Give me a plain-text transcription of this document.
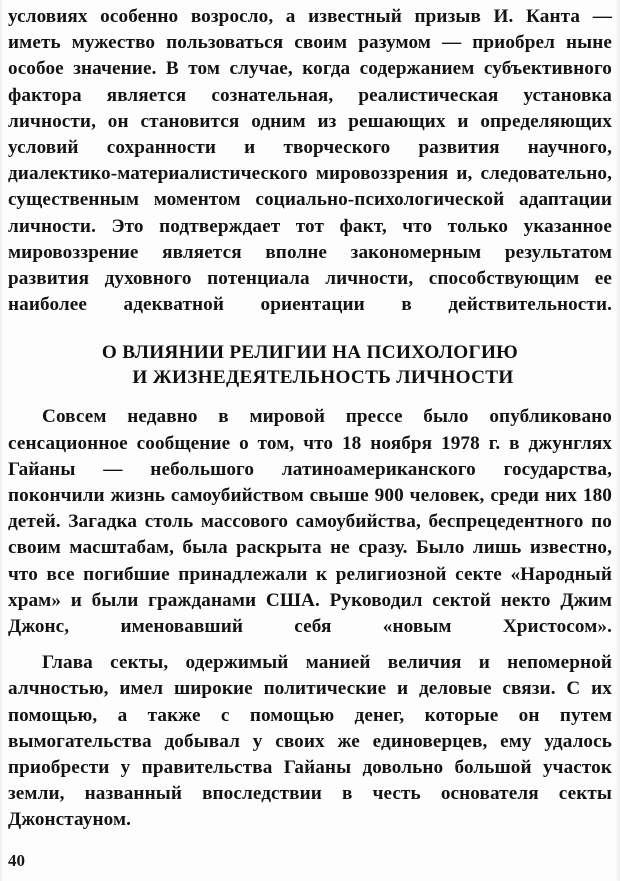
условиях особенно возросло, а известный призыв И. Канта — иметь мужество пользоваться своим разумом — приобрел ныне особое значение. В том случае, когда содержанием субъективного фактора является сознательная, реалистическая установка личности, он становится одним из решающих и определяющих условий сохранности и творческого развития научного, диалектико-материалистического мировоззрения и, следовательно, существенным моментом социально-психологической адаптации личности. Это подтверждает тот факт, что только указанное мировоззрение является вполне закономерным результатом развития духовного потенциала личности, способствующим ее наиболее адекватной ориентации в действительности.

О ВЛИЯНИИ РЕЛИГИИ НА ПСИХОЛОГИЮ
И ЖИЗНЕДЕЯТЕЛЬНОСТЬ ЛИЧНОСТИ

Совсем недавно в мировой прессе было опубликовано сенсационное сообщение о том, что 18 ноября 1978 г. в джунглях Гайаны — небольшого латиноамериканского государства, покончили жизнь самоубийством свыше 900 человек, среди них 180 детей. Загадка столь массового самоубийства, беспрецедентного по своим масштабам, была раскрыта не сразу. Было лишь известно, что все погибшие принадлежали к религиозной секте «Народный храм» и были гражданами США. Руководил сектой некто Джим Джонс, именовавший себя «новым Христосом».

Глава секты, одержимый манией величия и непомерной алчностью, имел широкие политические и деловые связи. С их помощью, а также с помощью денег, которые он путем вымогательства добывал у своих же единоверцев, ему удалось приобрести у правительства Гайаны довольно большой участок земли, названный впоследствии в честь основателя секты Джонстауном.

40
